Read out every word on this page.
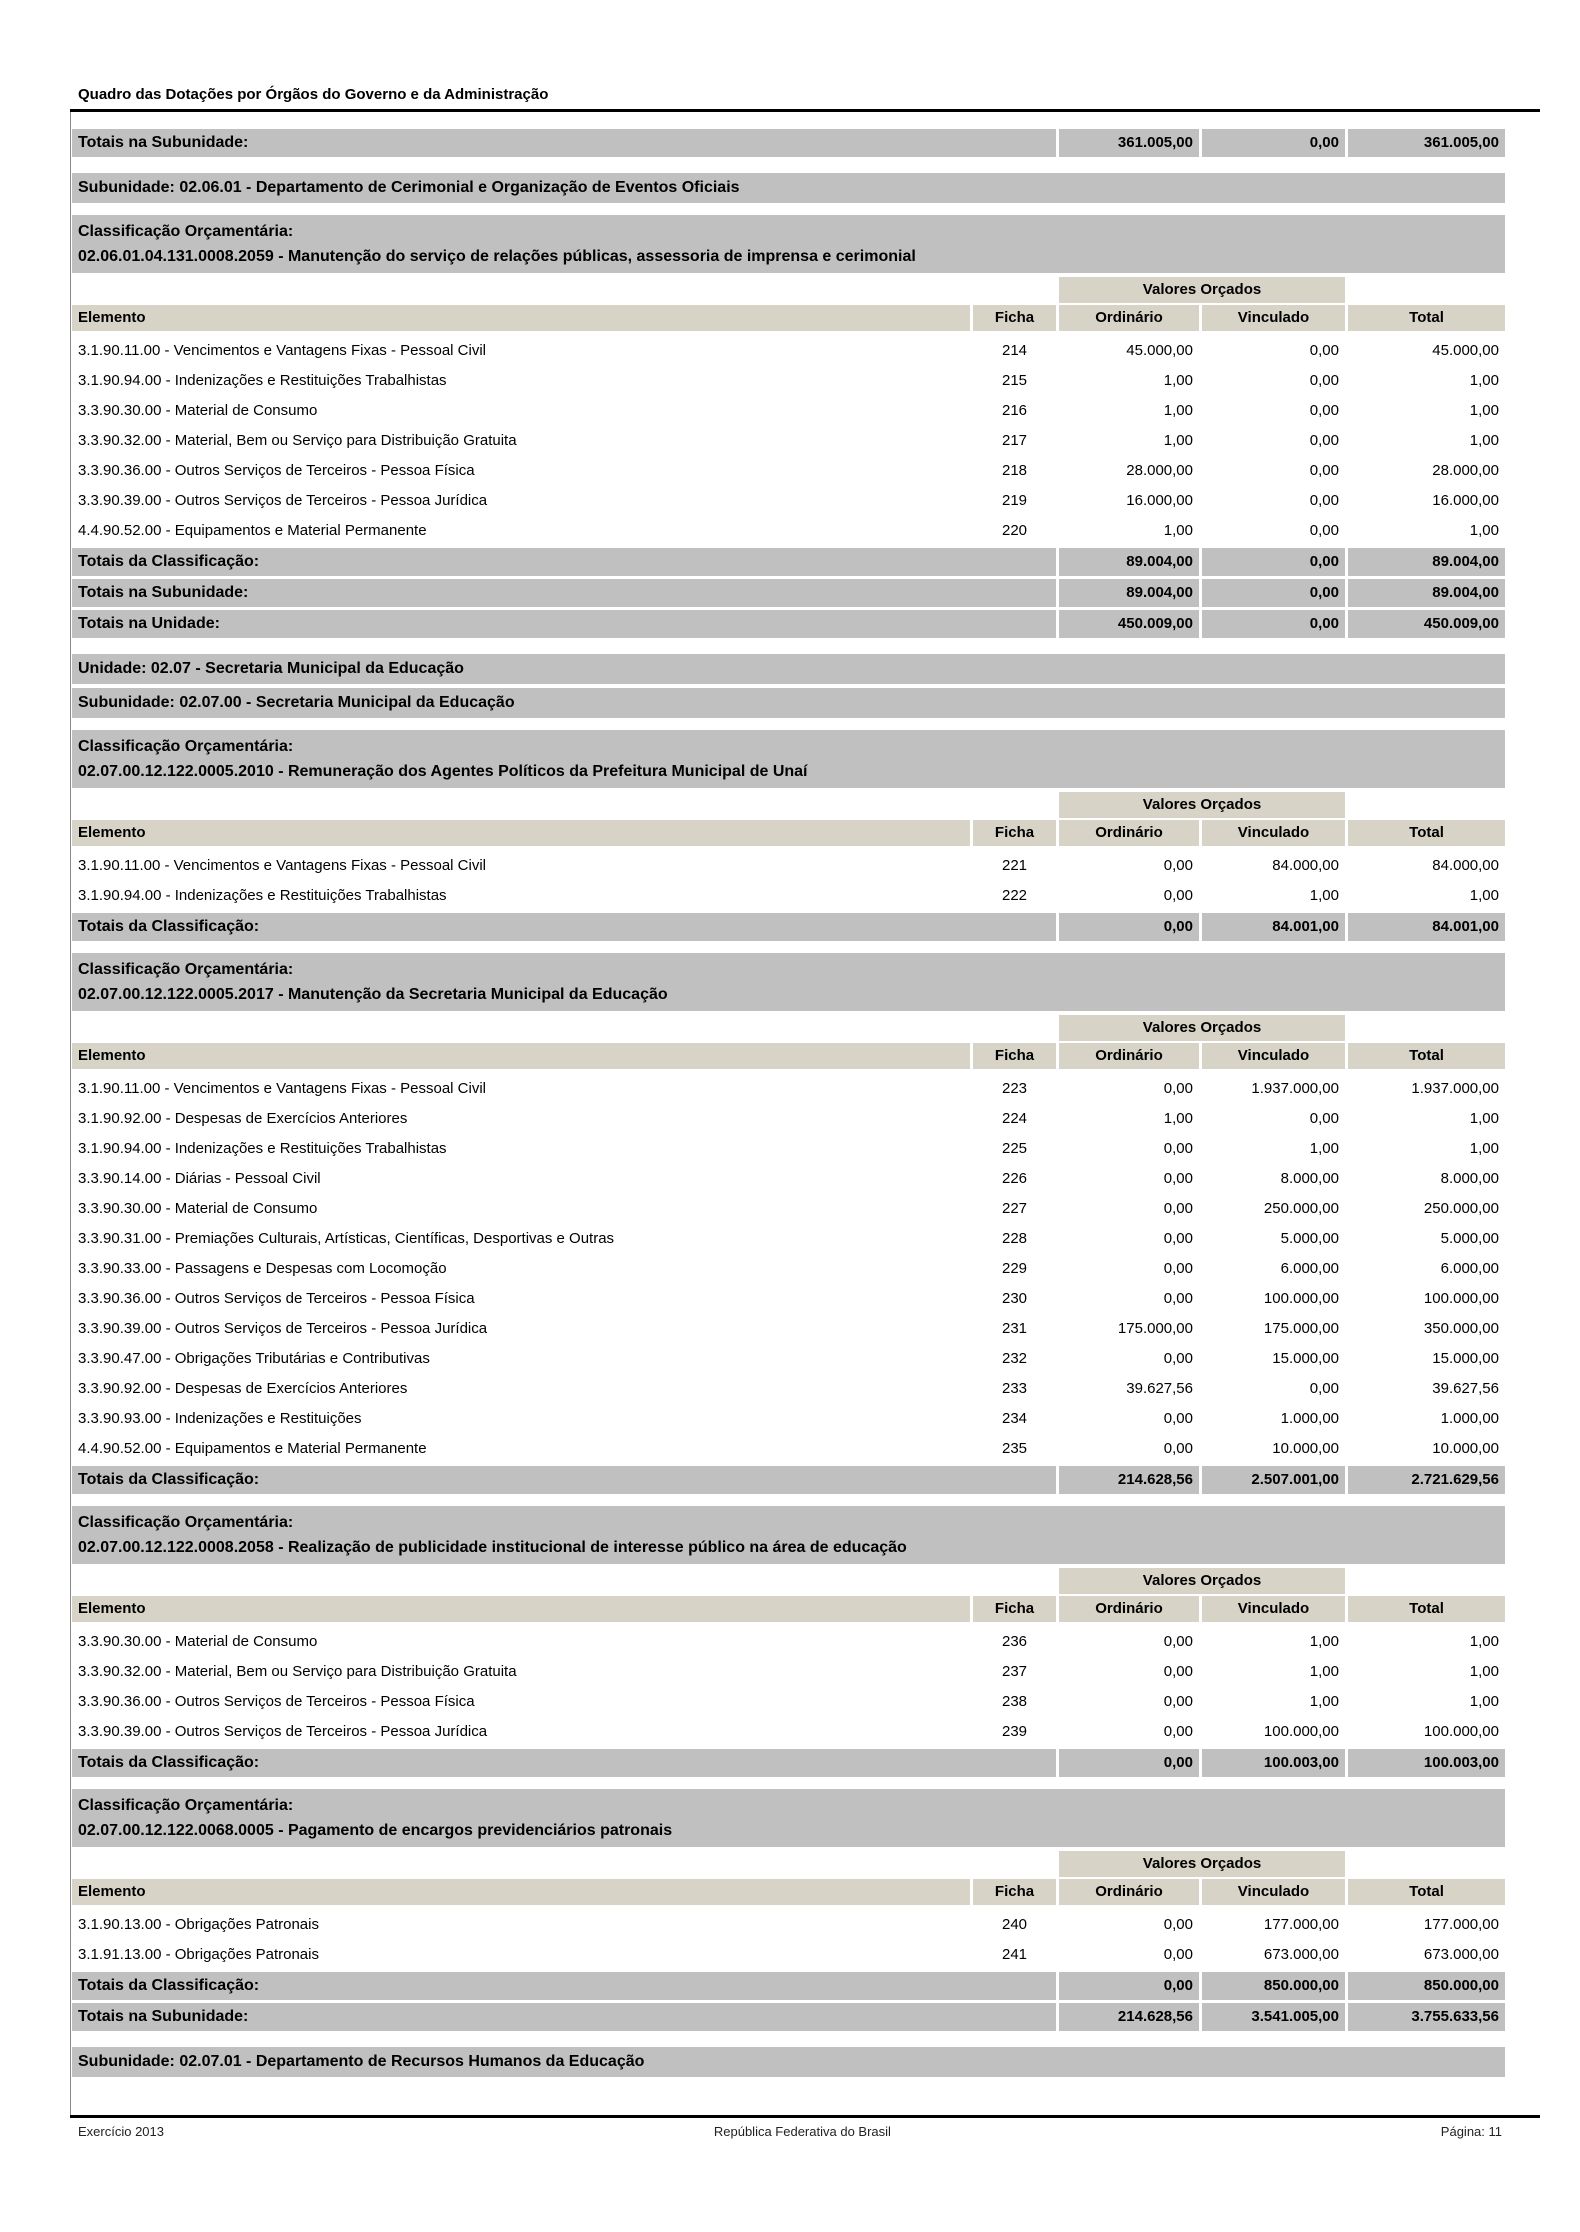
Quadro das Dotações por Órgãos do Governo e da Administração
Totais na Subunidade:	361.005,00	0,00	361.005,00
Subunidade: 02.06.01 - Departamento de Cerimonial e Organização de Eventos Oficiais
Classificação Orçamentária:
02.06.01.04.131.0008.2059 - Manutenção do serviço de relações públicas, assessoria de imprensa e cerimonial
Valores Orçados
Elemento	Ficha	Ordinário	Vinculado	Total
3.1.90.11.00 - Vencimentos e Vantagens Fixas - Pessoal Civil	214	45.000,00	0,00	45.000,00
3.1.90.94.00 - Indenizações e Restituições Trabalhistas	215	1,00	0,00	1,00
3.3.90.30.00 - Material de Consumo	216	1,00	0,00	1,00
3.3.90.32.00 - Material, Bem ou Serviço para Distribuição Gratuita	217	1,00	0,00	1,00
3.3.90.36.00 - Outros Serviços de Terceiros - Pessoa Física	218	28.000,00	0,00	28.000,00
3.3.90.39.00 - Outros Serviços de Terceiros - Pessoa Jurídica	219	16.000,00	0,00	16.000,00
4.4.90.52.00 - Equipamentos e Material Permanente	220	1,00	0,00	1,00
Totais da Classificação:	89.004,00	0,00	89.004,00
Totais na Subunidade:	89.004,00	0,00	89.004,00
Totais na Unidade:	450.009,00	0,00	450.009,00
Unidade: 02.07 - Secretaria Municipal da Educação
Subunidade: 02.07.00 - Secretaria Municipal da Educação
Classificação Orçamentária:
02.07.00.12.122.0005.2010 - Remuneração dos Agentes Políticos da Prefeitura Municipal de Unaí
Valores Orçados
Elemento	Ficha	Ordinário	Vinculado	Total
3.1.90.11.00 - Vencimentos e Vantagens Fixas - Pessoal Civil	221	0,00	84.000,00	84.000,00
3.1.90.94.00 - Indenizações e Restituições Trabalhistas	222	0,00	1,00	1,00
Totais da Classificação:	0,00	84.001,00	84.001,00
Classificação Orçamentária:
02.07.00.12.122.0005.2017 - Manutenção da Secretaria Municipal da Educação
Valores Orçados
Elemento	Ficha	Ordinário	Vinculado	Total
3.1.90.11.00 - Vencimentos e Vantagens Fixas - Pessoal Civil	223	0,00	1.937.000,00	1.937.000,00
3.1.90.92.00 - Despesas de Exercícios Anteriores	224	1,00	0,00	1,00
3.1.90.94.00 - Indenizações e Restituições Trabalhistas	225	0,00	1,00	1,00
3.3.90.14.00 - Diárias - Pessoal Civil	226	0,00	8.000,00	8.000,00
3.3.90.30.00 - Material de Consumo	227	0,00	250.000,00	250.000,00
3.3.90.31.00 - Premiações Culturais, Artísticas, Científicas, Desportivas e Outras	228	0,00	5.000,00	5.000,00
3.3.90.33.00 - Passagens e Despesas com Locomoção	229	0,00	6.000,00	6.000,00
3.3.90.36.00 - Outros Serviços de Terceiros - Pessoa Física	230	0,00	100.000,00	100.000,00
3.3.90.39.00 - Outros Serviços de Terceiros - Pessoa Jurídica	231	175.000,00	175.000,00	350.000,00
3.3.90.47.00 - Obrigações Tributárias e Contributivas	232	0,00	15.000,00	15.000,00
3.3.90.92.00 - Despesas de Exercícios Anteriores	233	39.627,56	0,00	39.627,56
3.3.90.93.00 - Indenizações e Restituições	234	0,00	1.000,00	1.000,00
4.4.90.52.00 - Equipamentos e Material Permanente	235	0,00	10.000,00	10.000,00
Totais da Classificação:	214.628,56	2.507.001,00	2.721.629,56
Classificação Orçamentária:
02.07.00.12.122.0008.2058 - Realização de publicidade institucional de interesse público na área de educação
Valores Orçados
Elemento	Ficha	Ordinário	Vinculado	Total
3.3.90.30.00 - Material de Consumo	236	0,00	1,00	1,00
3.3.90.32.00 - Material, Bem ou Serviço para Distribuição Gratuita	237	0,00	1,00	1,00
3.3.90.36.00 - Outros Serviços de Terceiros - Pessoa Física	238	0,00	1,00	1,00
3.3.90.39.00 - Outros Serviços de Terceiros - Pessoa Jurídica	239	0,00	100.000,00	100.000,00
Totais da Classificação:	0,00	100.003,00	100.003,00
Classificação Orçamentária:
02.07.00.12.122.0068.0005 - Pagamento de encargos previdenciários patronais
Valores Orçados
Elemento	Ficha	Ordinário	Vinculado	Total
3.1.90.13.00 - Obrigações Patronais	240	0,00	177.000,00	177.000,00
3.1.91.13.00 - Obrigações Patronais	241	0,00	673.000,00	673.000,00
Totais da Classificação:	0,00	850.000,00	850.000,00
Totais na Subunidade:	214.628,56	3.541.005,00	3.755.633,56
Subunidade: 02.07.01 - Departamento de Recursos Humanos da Educação
Exercício 2013	República Federativa do Brasil	Página: 11
